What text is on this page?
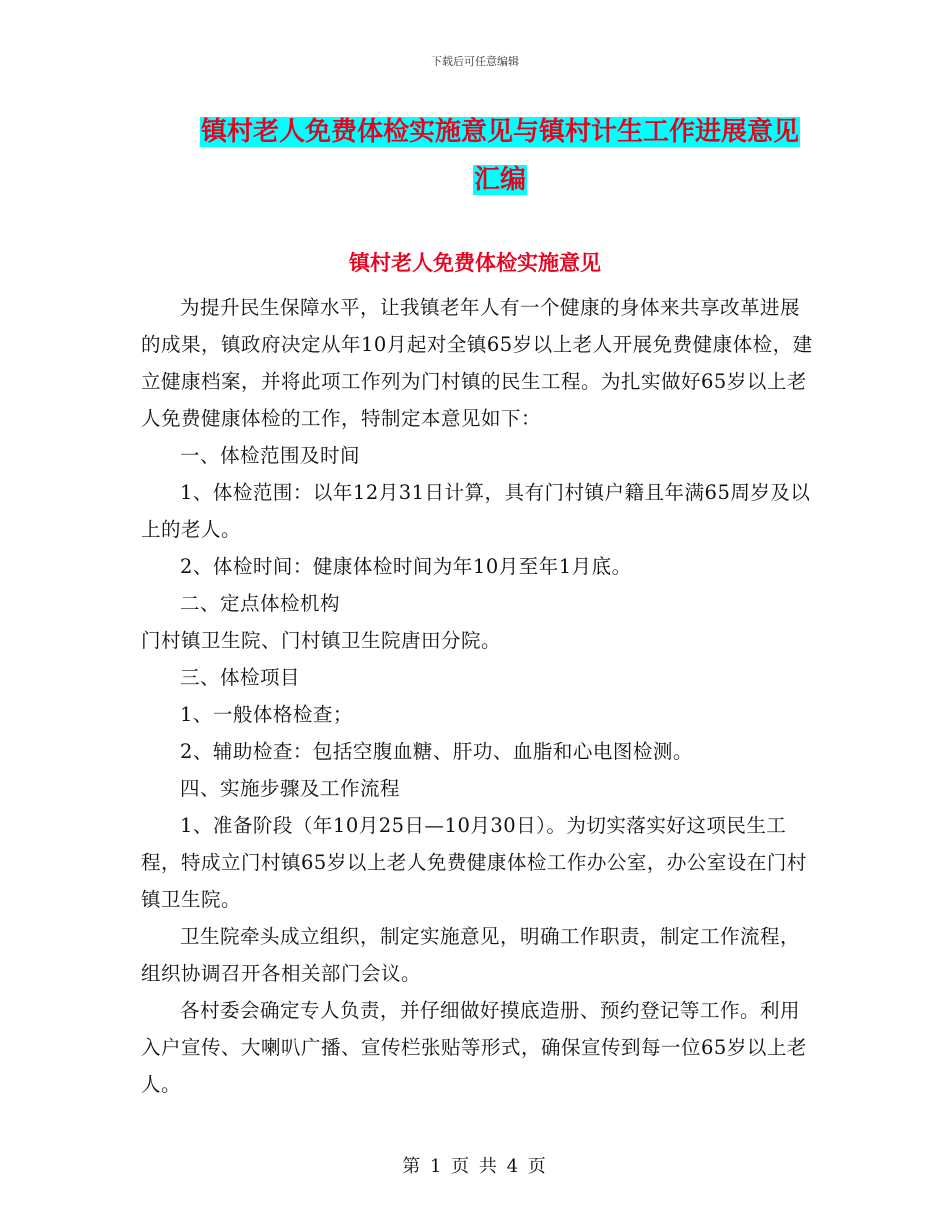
下载后可任意编辑
镇村老人免费体检实施意见与镇村计生工作进展意见
汇编
镇村老人免费体检实施意见

为提升民生保障水平，让我镇老年人有一个健康的身体来共享改革进展的成果，镇政府决定从年10月起对全镇65岁以上老人开展免费健康体检，建立健康档案，并将此项工作列为门村镇的民生工程。为扎实做好65岁以上老人免费健康体检的工作，特制定本意见如下：

一、体检范围及时间

1、体检范围：以年12月31日计算，具有门村镇户籍且年满65周岁及以上的老人。

2、体检时间：健康体检时间为年10月至年1月底。

二、定点体检机构

门村镇卫生院、门村镇卫生院唐田分院。

三、体检项目

1、一般体格检查；

2、辅助检查：包括空腹血糖、肝功、血脂和心电图检测。

四、实施步骤及工作流程

1、准备阶段（年10月25日—10月30日）。为切实落实好这项民生工程，特成立门村镇65岁以上老人免费健康体检工作办公室，办公室设在门村镇卫生院。

卫生院牵头成立组织，制定实施意见，明确工作职责，制定工作流程，组织协调召开各相关部门会议。

各村委会确定专人负责，并仔细做好摸底造册、预约登记等工作。利用入户宣传、大喇叭广播、宣传栏张贴等形式，确保宣传到每一位65岁以上老人。

第 1 页 共 4 页
